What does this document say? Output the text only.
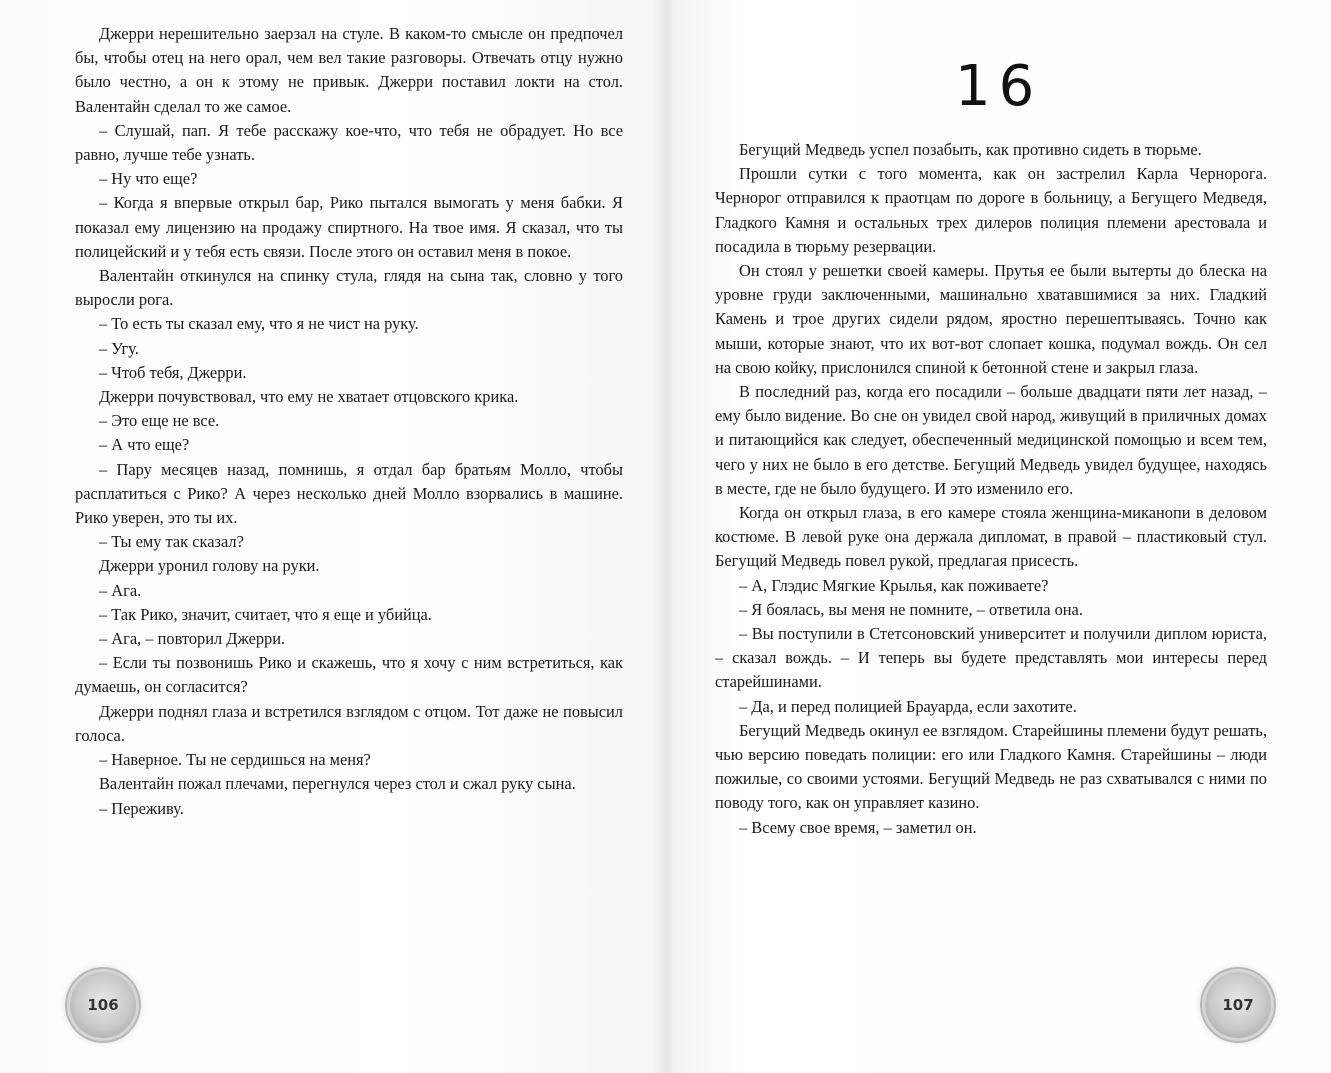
Джерри нерешительно заерзал на стуле. В каком-то смысле он предпочел бы, чтобы отец на него орал, чем вел такие разговоры. Отвечать отцу нужно было честно, а он к этому не привык. Джерри поставил локти на стол. Валентайн сделал то же самое.

– Слушай, пап. Я тебе расскажу кое-что, что тебя не обрадует. Но все равно, лучше тебе узнать.

– Ну что еще?

– Когда я впервые открыл бар, Рико пытался вымогать у меня бабки. Я показал ему лицензию на продажу спиртного. На твое имя. Я сказал, что ты полицейский и у тебя есть связи. После этого он оставил меня в покое.

Валентайн откинулся на спинку стула, глядя на сына так, словно у того выросли рога.

– То есть ты сказал ему, что я не чист на руку.

– Угу.

– Чтоб тебя, Джерри.

Джерри почувствовал, что ему не хватает отцовского крика.

– Это еще не все.

– А что еще?

– Пару месяцев назад, помнишь, я отдал бар братьям Молло, чтобы расплатиться с Рико? А через несколько дней Молло взорвались в машине. Рико уверен, это ты их.

– Ты ему так сказал?

Джерри уронил голову на руки.

– Ага.

– Так Рико, значит, считает, что я еще и убийца.

– Ага, – повторил Джерри.

– Если ты позвонишь Рико и скажешь, что я хочу с ним встретиться, как думаешь, он согласится?

Джерри поднял глаза и встретился взглядом с отцом. Тот даже не повысил голоса.

– Наверное. Ты не сердишься на меня?

Валентайн пожал плечами, перегнулся через стол и сжал руку сына.

– Переживу.

106
16

Бегущий Медведь успел позабыть, как противно сидеть в тюрьме.

Прошли сутки с того момента, как он застрелил Карла Чернорога. Чернорог отправился к праотцам по дороге в больницу, а Бегущего Медведя, Гладкого Камня и остальных трех дилеров полиция племени арестовала и посадила в тюрьму резервации.

Он стоял у решетки своей камеры. Прутья ее были вытерты до блеска на уровне груди заключенными, машинально хватавшимися за них. Гладкий Камень и трое других сидели рядом, яростно перешептываясь. Точно как мыши, которые знают, что их вот-вот слопает кошка, подумал вождь. Он сел на свою койку, прислонился спиной к бетонной стене и закрыл глаза.

В последний раз, когда его посадили – больше двадцати пяти лет назад, – ему было видение. Во сне он увидел свой народ, живущий в приличных домах и питающийся как следует, обеспеченный медицинской помощью и всем тем, чего у них не было в его детстве. Бегущий Медведь увидел будущее, находясь в месте, где не было будущего. И это изменило его.

Когда он открыл глаза, в его камере стояла женщина-миканопи в деловом костюме. В левой руке она держала дипломат, в правой – пластиковый стул. Бегущий Медведь повел рукой, предлагая присесть.

– А, Глэдис Мягкие Крылья, как поживаете?

– Я боялась, вы меня не помните, – ответила она.

– Вы поступили в Стетсоновский университет и получили диплом юриста, – сказал вождь. – И теперь вы будете представлять мои интересы перед старейшинами.

– Да, и перед полицией Брауарда, если захотите.

Бегущий Медведь окинул ее взглядом. Старейшины племени будут решать, чью версию поведать полиции: его или Гладкого Камня. Старейшины – люди пожилые, со своими устоями. Бегущий Медведь не раз схватывался с ними по поводу того, как он управляет казино.

– Всему свое время, – заметил он.

107
